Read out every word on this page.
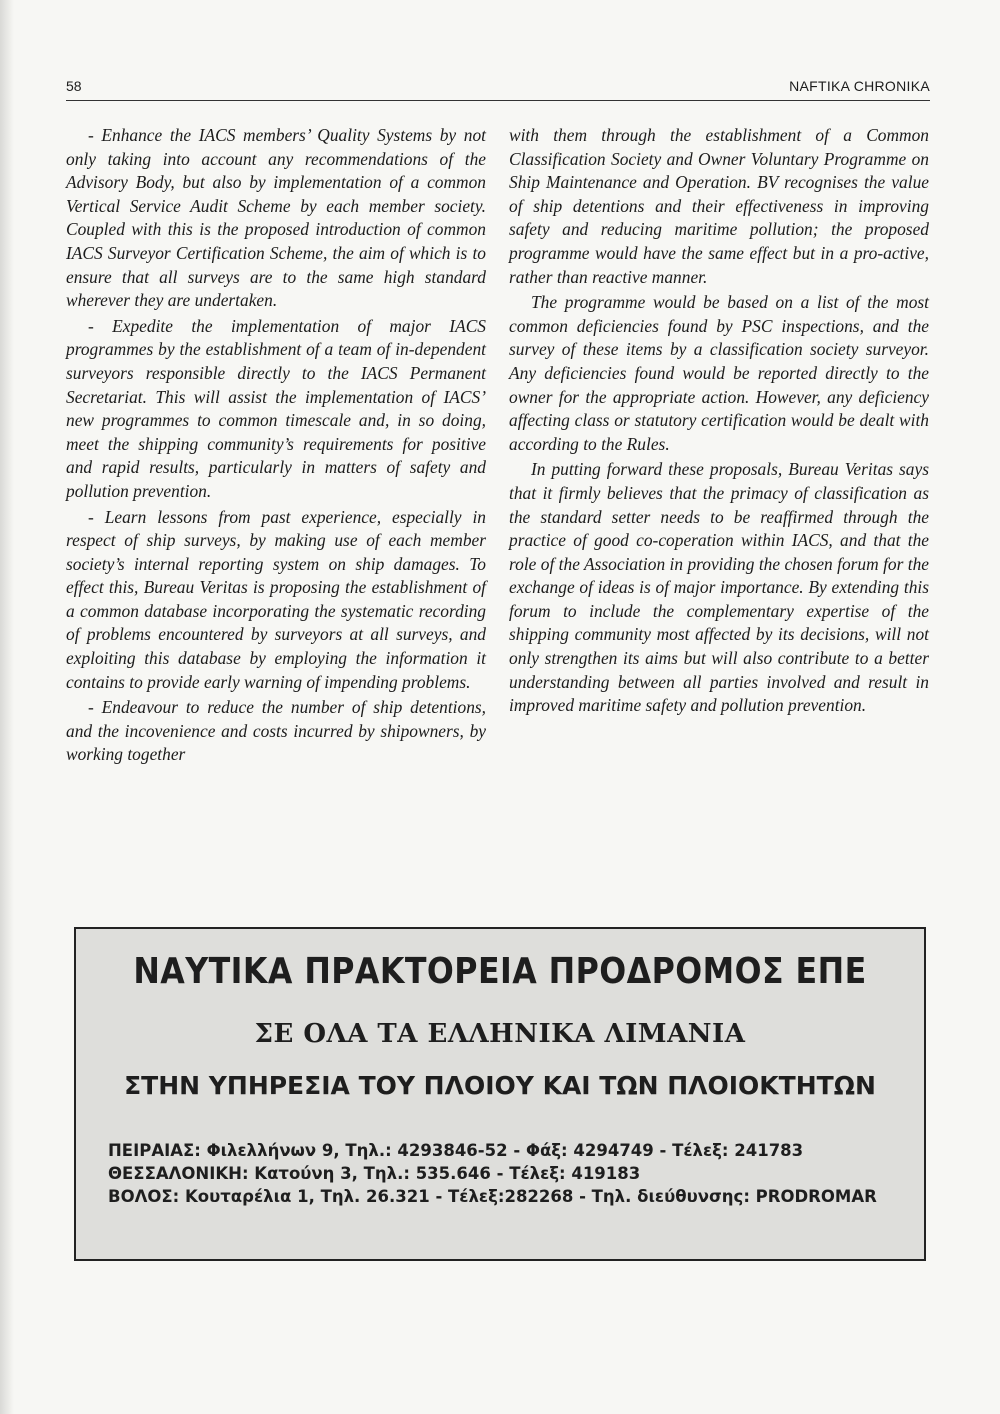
58	NAFTIKA CHRONIKA

- Enhance the IACS members’ Quality Systems by not only taking into account any recommendations of the Advisory Body, but also by implementation of a common Vertical Service Audit Scheme by each member society. Coupled with this is the proposed introduction of common IACS Surveyor Certification Scheme, the aim of which is to ensure that all surveys are to the same high standard wherever they are undertaken.

- Expedite the implementation of major IACS programmes by the establishment of a team of in-dependent surveyors responsible directly to the IACS Permanent Secretariat. This will assist the implementation of IACS’ new programmes to common timescale and, in so doing, meet the shipping community’s requirements for positive and rapid results, particularly in matters of safety and pollution prevention.

- Learn lessons from past experience, especially in respect of ship surveys, by making use of each member society’s internal reporting system on ship damages. To effect this, Bureau Veritas is proposing the establishment of a common database incorporating the systematic recording of problems encountered by surveyors at all surveys, and exploiting this database by employing the information it contains to provide early warning of impending problems.

- Endeavour to reduce the number of ship detentions, and the incovenience and costs incurred by shipowners, by working together

with them through the establishment of a Common Classification Society and Owner Voluntary Programme on Ship Maintenance and Operation. BV recognises the value of ship detentions and their effectiveness in improving safety and reducing maritime pollution; the proposed programme would have the same effect but in a pro-active, rather than reactive manner.

The programme would be based on a list of the most common deficiencies found by PSC inspections, and the survey of these items by a classification society surveyor. Any deficiencies found would be reported directly to the owner for the appropriate action. However, any deficiency affecting class or statutory certification would be dealt with according to the Rules.

In putting forward these proposals, Bureau Veritas says that it firmly believes that the primacy of classification as the standard setter needs to be reaffirmed through the practice of good co-coperation within IACS, and that the role of the Association in providing the chosen forum for the exchange of ideas is of major importance. By extending this forum to include the complementary expertise of the shipping community most affected by its decisions, will not only strengthen its aims but will also contribute to a better understanding between all parties involved and result in improved maritime safety and pollution prevention.

ΝΑΥΤΙΚΑ ΠΡΑΚΤΟΡΕΙΑ ΠΡΟΔΡΟΜΟΣ ΕΠΕ
ΣΕ ΟΛΑ ΤΑ ΕΛΛΗΝΙΚΑ ΛΙΜΑΝΙΑ
ΣΤΗΝ ΥΠΗΡΕΣΙΑ ΤΟΥ ΠΛΟΙΟΥ ΚΑΙ ΤΩΝ ΠΛΟΙΟΚΤΗΤΩΝ
ΠΕΙΡΑΙΑΣ: Φιλελλήνων 9, Τηλ.: 4293846-52 - Φάξ: 4294749 - Τέλεξ: 241783
ΘΕΣΣΑΛΟΝΙΚΗ: Κατούνη 3, Τηλ.: 535.646 - Τέλεξ: 419183
ΒΟΛΟΣ: Κουταρέλια 1, Τηλ. 26.321 - Τέλεξ:282268 - Τηλ. διεύθυνσης: PRODROMAR
